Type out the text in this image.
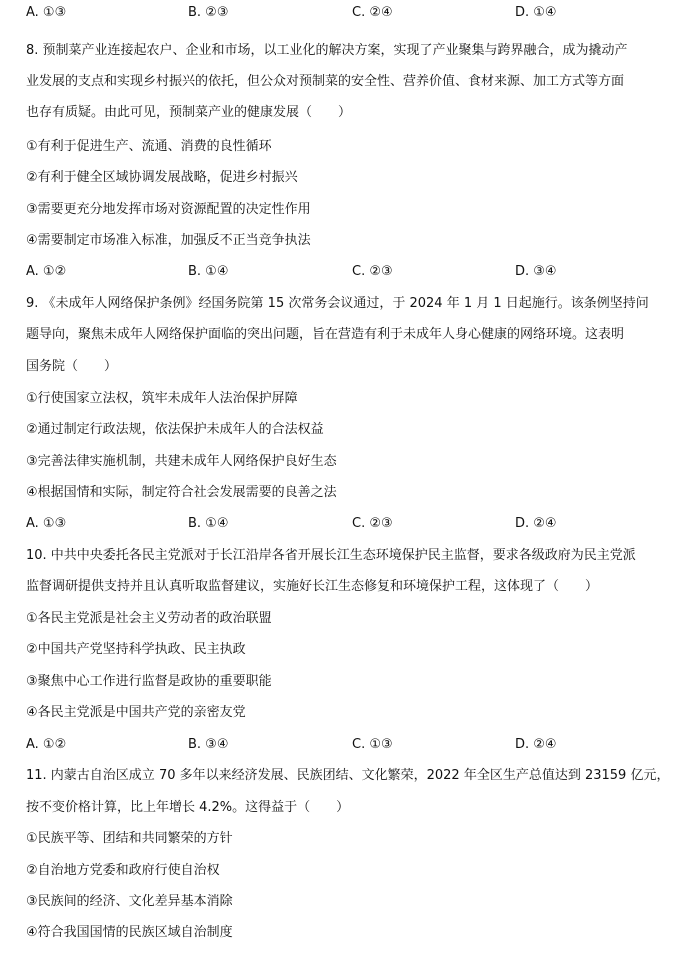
A. ①③	B. ②③	C. ②④	D. ①④
8. 预制菜产业连接起农户、企业和市场，以工业化的解决方案，实现了产业聚集与跨界融合，成为撬动产
业发展的支点和实现乡村振兴的依托，但公众对预制菜的安全性、营养价值、食材来源、加工方式等方面
也存有质疑。由此可见，预制菜产业的健康发展（　　）
①有利于促进生产、流通、消费的良性循环
②有利于健全区域协调发展战略，促进乡村振兴
③需要更充分地发挥市场对资源配置的决定性作用
④需要制定市场准入标准，加强反不正当竞争执法
A. ①②	B. ①④	C. ②③	D. ③④
9. 《未成年人网络保护条例》经国务院第 15 次常务会议通过，于 2024 年 1 月 1 日起施行。该条例坚持问
题导向，聚焦未成年人网络保护面临的突出问题，旨在营造有利于未成年人身心健康的网络环境。这表明
国务院（　　）
①行使国家立法权，筑牢未成年人法治保护屏障
②通过制定行政法规，依法保护未成年人的合法权益
③完善法律实施机制，共建未成年人网络保护良好生态
④根据国情和实际，制定符合社会发展需要的良善之法
A. ①③	B. ①④	C. ②③	D. ②④
10. 中共中央委托各民主党派对于长江沿岸各省开展长江生态环境保护民主监督，要求各级政府为民主党派
监督调研提供支持并且认真听取监督建议，实施好长江生态修复和环境保护工程，这体现了（　　）
①各民主党派是社会主义劳动者的政治联盟
②中国共产党坚持科学执政、民主执政
③聚焦中心工作进行监督是政协的重要职能
④各民主党派是中国共产党的亲密友党
A. ①②	B. ③④	C. ①③	D. ②④
11. 内蒙古自治区成立 70 多年以来经济发展、民族团结、文化繁荣，2022 年全区生产总值达到 23159 亿元，
按不变价格计算，比上年增长 4.2%。这得益于（　　）
①民族平等、团结和共同繁荣的方针
②自治地方党委和政府行使自治权
③民族间的经济、文化差异基本消除
④符合我国国情的民族区域自治制度
